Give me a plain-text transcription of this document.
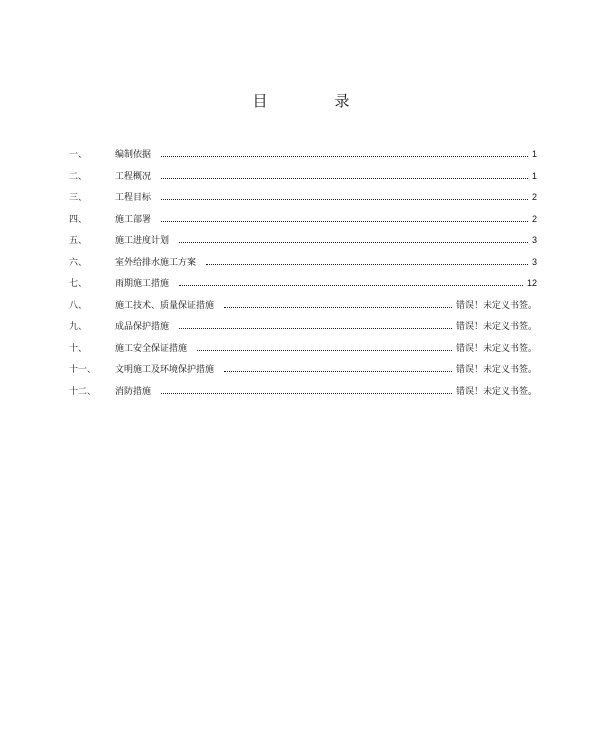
目　录
一、	编制依据	1
二、	工程概况	1
三、	工程目标	2
四、	施工部署	2
五、	施工进度计划	3
六、	室外给排水施工方案	3
七、	雨期施工措施	12
八、	施工技术、质量保证措施	错误！未定义书签。
九、	成品保护措施	错误！未定义书签。
十、	施工安全保证措施	错误！未定义书签。
十一、 文明施工及环境保护措施	错误！未定义书签。
十二、 消防措施	错误！未定义书签。
